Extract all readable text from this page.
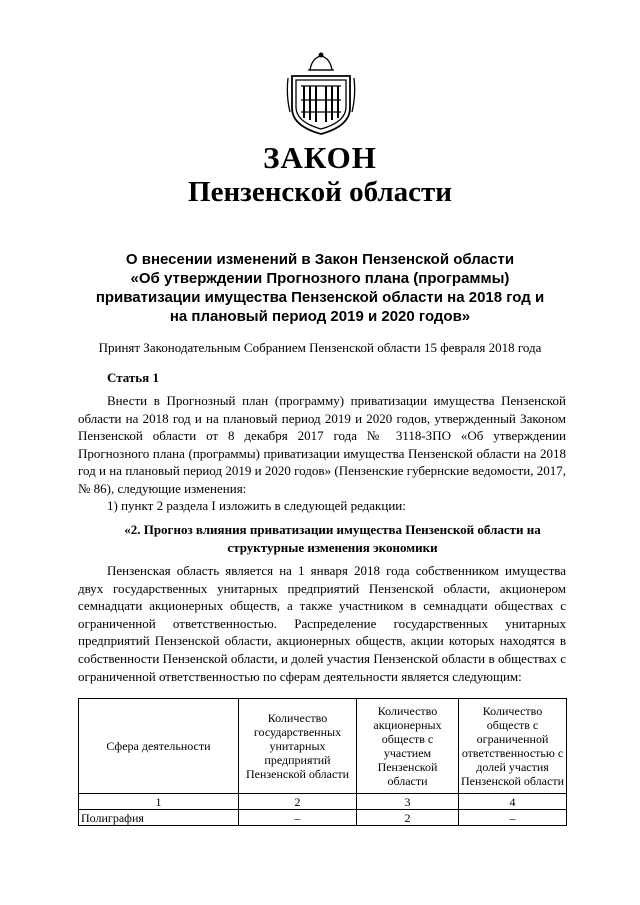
ЗАКОН
Пензенской области
О внесении изменений в Закон Пензенской области
«Об утверждении Прогнозного плана (программы)
приватизации имущества Пензенской области на 2018 год и
на плановый период 2019 и 2020 годов»
Принят Законодательным Собранием Пензенской области 15 февраля 2018 года
Статья 1
Внести в Прогнозный план (программу) приватизации имущества Пензенской области на 2018 год и на плановый период 2019 и 2020 годов, утвержденный Законом Пензенской области от 8 декабря 2017 года № 3118-ЗПО «Об утверждении Прогнозного плана (программы) приватизации имущества Пензенской области на 2018 год и на плановый период 2019 и 2020 годов» (Пензенские губернские ведомости, 2017, № 86), следующие изменения:
1) пункт 2 раздела I изложить в следующей редакции:
«2. Прогноз влияния приватизации имущества Пензенской области на структурные изменения экономики
Пензенская область является на 1 января 2018 года собственником имущества двух государственных унитарных предприятий Пензенской области, акционером семнадцати акционерных обществ, а также участником в семнадцати обществах с ограниченной ответственностью. Распределение государственных унитарных предприятий Пензенской области, акционерных обществ, акции которых находятся в собственности Пензенской области, и долей участия Пензенской области в обществах с ограниченной ответственностью по сферам деятельности является следующим:
Сфера деятельности	Количество государственных унитарных предприятий Пензенской области	Количество акционерных обществ с участием Пензенской области	Количество обществ с ограниченной ответственностью с долей участия Пензенской области
1	2	3	4
Полиграфия	–	2	–
